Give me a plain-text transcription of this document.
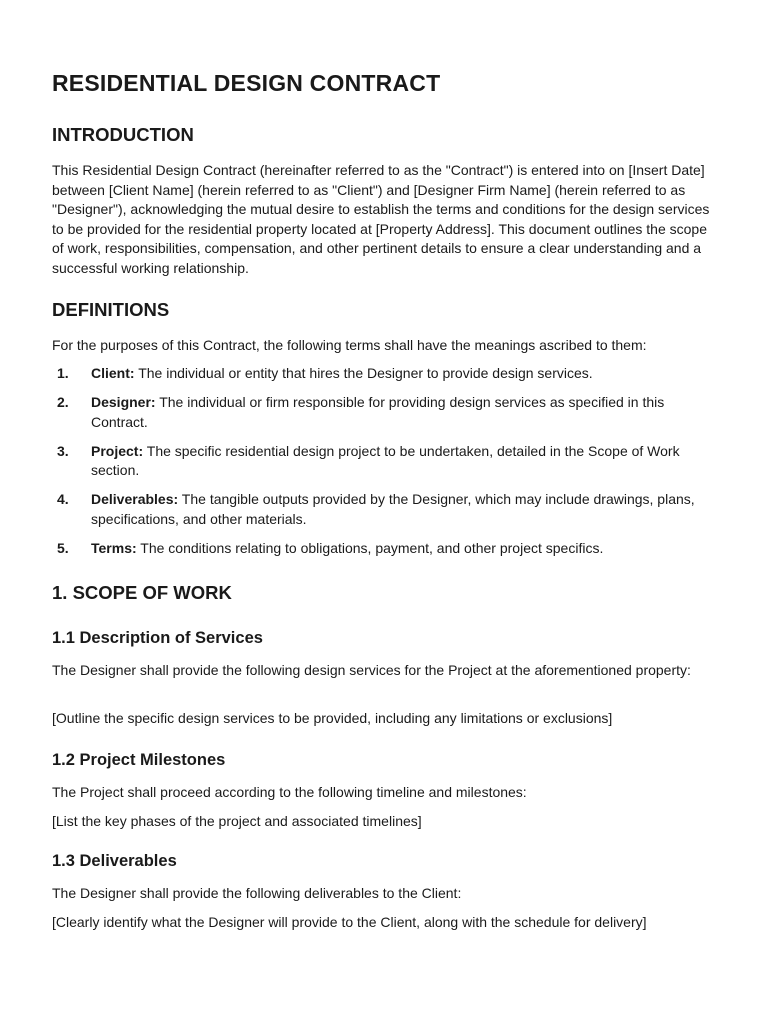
RESIDENTIAL DESIGN CONTRACT
INTRODUCTION

This Residential Design Contract (hereinafter referred to as the "Contract") is entered into on [Insert Date] between [Client Name] (herein referred to as "Client") and [Designer Firm Name] (herein referred to as "Designer"), acknowledging the mutual desire to establish the terms and conditions for the design services to be provided for the residential property located at [Property Address]. This document outlines the scope of work, responsibilities, compensation, and other pertinent details to ensure a clear understanding and a successful working relationship.

DEFINITIONS

For the purposes of this Contract, the following terms shall have the meanings ascribed to them:

1. Client: The individual or entity that hires the Designer to provide design services.
2. Designer: The individual or firm responsible for providing design services as specified in this Contract.
3. Project: The specific residential design project to be undertaken, detailed in the Scope of Work section.
4. Deliverables: The tangible outputs provided by the Designer, which may include drawings, plans, specifications, and other materials.
5. Terms: The conditions relating to obligations, payment, and other project specifics.
1. SCOPE OF WORK
1.1 Description of Services

The Designer shall provide the following design services for the Project at the aforementioned property:

[Outline the specific design services to be provided, including any limitations or exclusions]

1.2 Project Milestones

The Project shall proceed according to the following timeline and milestones:

[List the key phases of the project and associated timelines]

1.3 Deliverables

The Designer shall provide the following deliverables to the Client:

[Clearly identify what the Designer will provide to the Client, along with the schedule for delivery]
